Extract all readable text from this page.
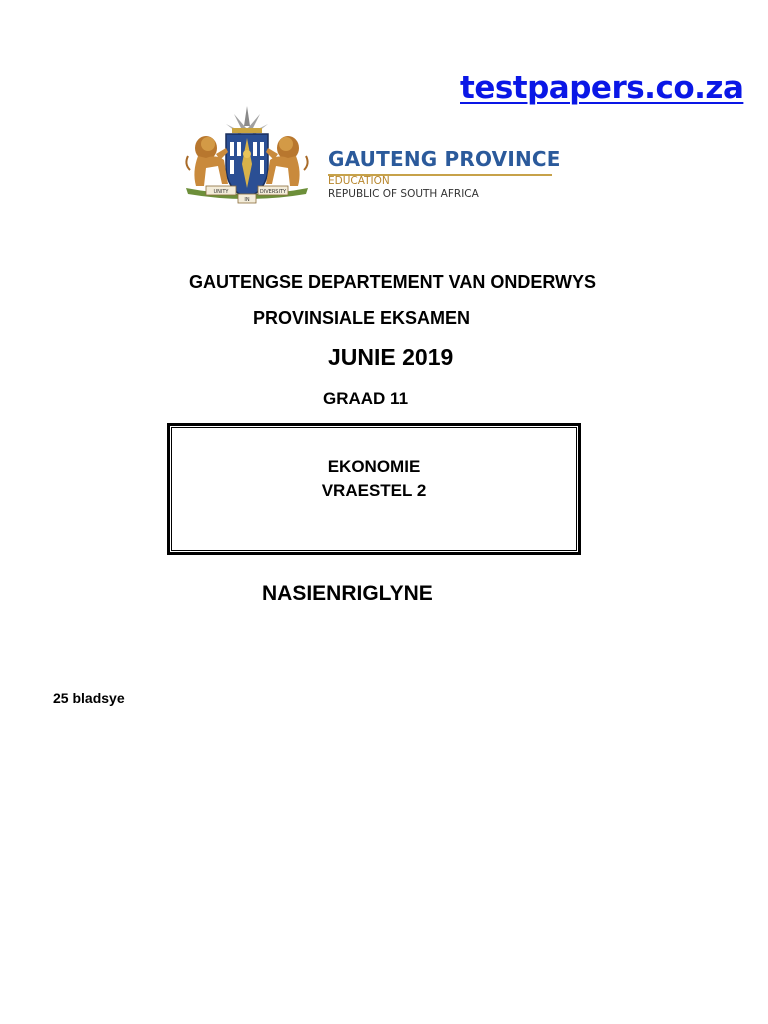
testpapers.co.za
UNITY
IN
DIVERSITY
GAUTENG PROVINCE
EDUCATION
REPUBLIC OF SOUTH AFRICA
GAUTENGSE DEPARTEMENT VAN ONDERWYS
PROVINSIALE EKSAMEN
JUNIE 2019
GRAAD 11
EKONOMIE
VRAESTEL 2
NASIENRIGLYNE
25 bladsye
